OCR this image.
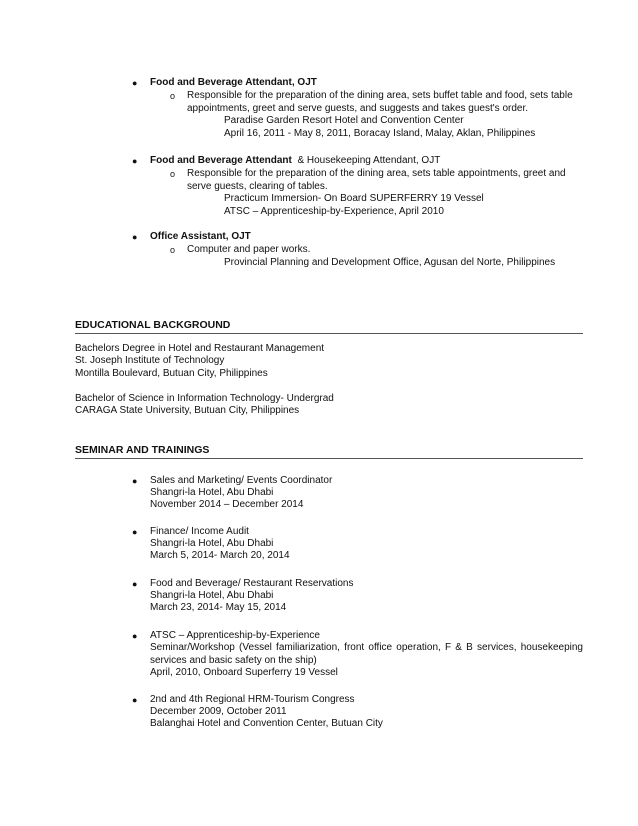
● Food and Beverage Attendant, OJT
o Responsible for the preparation of the dining area, sets buffet table and food, sets table appointments, greet and serve guests, and suggests and takes guest's order.
Paradise Garden Resort Hotel and Convention Center
April 16, 2011 - May 8, 2011, Boracay Island, Malay, Aklan, Philippines
● Food and Beverage Attendant & Housekeeping Attendant, OJT
o Responsible for the preparation of the dining area, sets table appointments, greet and serve guests, clearing of tables.
Practicum Immersion- On Board SUPERFERRY 19 Vessel
ATSC – Apprenticeship-by-Experience, April 2010
● Office Assistant, OJT
o Computer and paper works.
Provincial Planning and Development Office, Agusan del Norte, Philippines
EDUCATIONAL BACKGROUND
Bachelors Degree in Hotel and Restaurant Management
St. Joseph Institute of Technology
Montilla Boulevard, Butuan City, Philippines
Bachelor of Science in Information Technology- Undergrad
CARAGA State University, Butuan City, Philippines
SEMINAR AND TRAININGS
● Sales and Marketing/ Events Coordinator
Shangri-la Hotel, Abu Dhabi
November 2014 – December 2014
● Finance/ Income Audit
Shangri-la Hotel, Abu Dhabi
March 5, 2014- March 20, 2014
● Food and Beverage/ Restaurant Reservations
Shangri-la Hotel, Abu Dhabi
March 23, 2014- May 15, 2014
● ATSC – Apprenticeship-by-Experience
Seminar/Workshop (Vessel familiarization, front office operation, F & B services, housekeeping services and basic safety on the ship)
April, 2010, Onboard Superferry 19 Vessel
● 2nd and 4th Regional HRM-Tourism Congress
December 2009, October 2011
Balanghai Hotel and Convention Center, Butuan City
